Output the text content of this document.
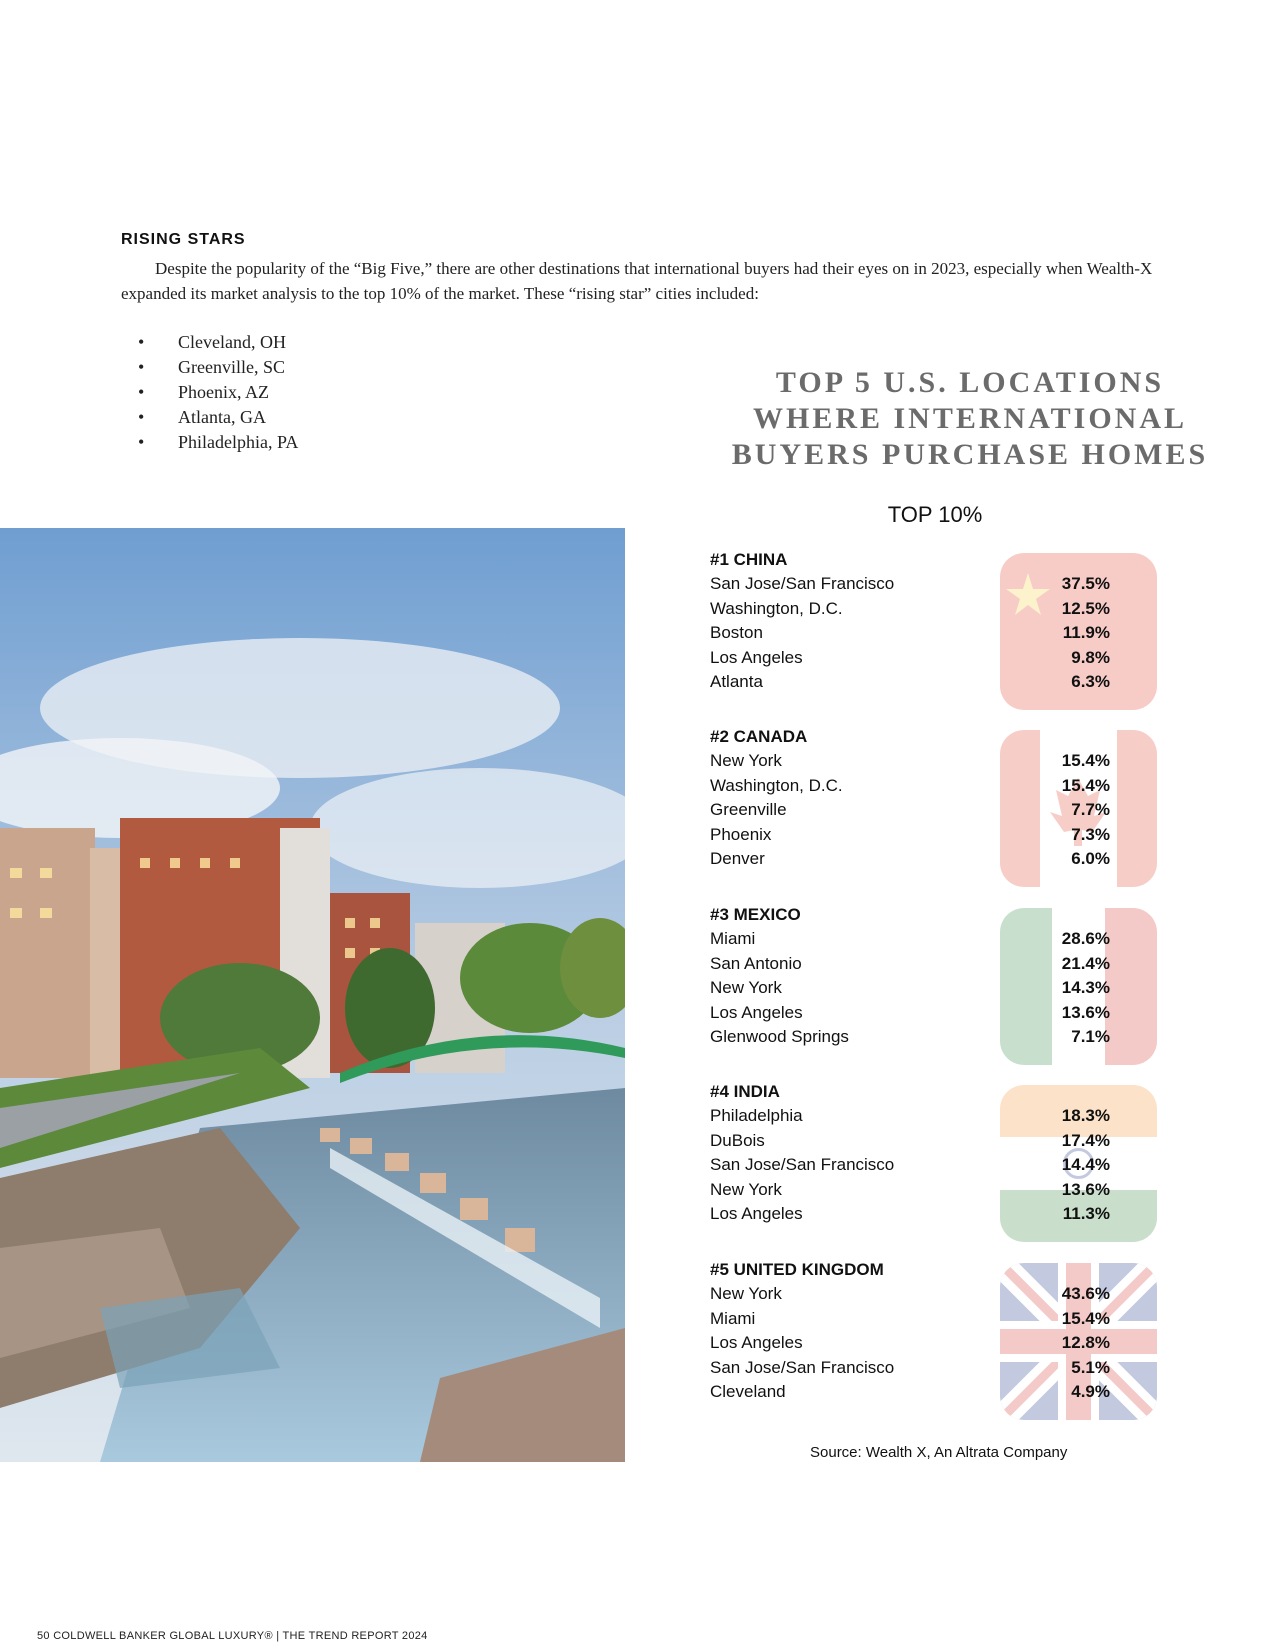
RISING STARS

Despite the popularity of the “Big Five,” there are other destinations that international buyers had their eyes on in 2023, especially when Wealth-X expanded its market analysis to the top 10% of the market. These “rising star” cities included:

• Cleveland, OH
• Greenville, SC
• Phoenix, AZ
• Atlanta, GA
• Philadelphia, PA
TOP 5 U.S. LOCATIONS
WHERE INTERNATIONAL
BUYERS PURCHASE HOMES
TOP 10%
#1 CHINA
San Jose/San Francisco	37.5%
Washington, D.C.	12.5%
Boston	11.9%
Los Angeles	9.8%
Atlanta	6.3%
#2 CANADA
New York	15.4%
Washington, D.C.	15.4%
Greenville	7.7%
Phoenix	7.3%
Denver	6.0%
#3 MEXICO
Miami	28.6%
San Antonio	21.4%
New York	14.3%
Los Angeles	13.6%
Glenwood Springs	7.1%
#4 INDIA
Philadelphia	18.3%
DuBois	17.4%
San Jose/San Francisco	14.4%
New York	13.6%
Los Angeles	11.3%
#5 UNITED KINGDOM
New York	43.6%
Miami	15.4%
Los Angeles	12.8%
San Jose/San Francisco	5.1%
Cleveland	4.9%
Source: Wealth X, An Altrata Company
50 COLDWELL BANKER GLOBAL LUXURY® | THE TREND REPORT 2024
